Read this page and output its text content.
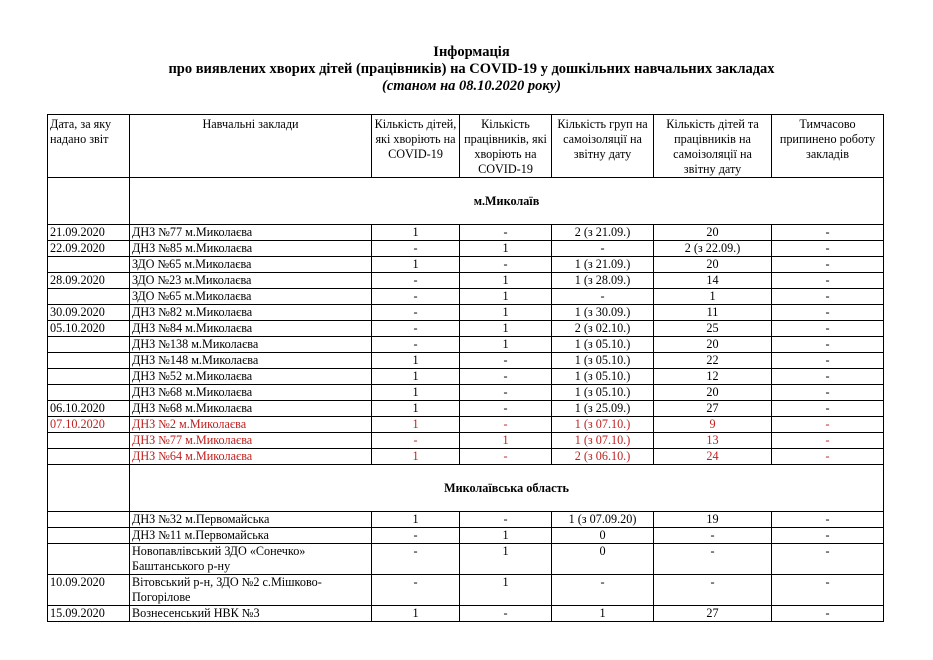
Інформація
про виявлених хворих дітей (працівників) на COVID-19 у дошкільних навчальних закладах
(станом на 08.10.2020 року)
Дата, за яку надано звіт	Навчальні заклади	Кількість дітей, які хворіють на COVID-19	Кількість працівників, які хворіють на COVID-19	Кількість груп на самоізоляції на звітну дату	Кількість дітей та працівників на самоізоляції на звітну дату	Тимчасово припинено роботу закладів
	м.Миколаїв					
21.09.2020	ДНЗ №77 м.Миколаєва	1	-	2 (з 21.09.)	20	-
22.09.2020	ДНЗ №85 м.Миколаєва	-	1	-	2 (з 22.09.)	-
	ЗДО №65 м.Миколаєва	1	-	1 (з 21.09.)	20	-
28.09.2020	ЗДО №23 м.Миколаєва	-	1	1 (з 28.09.)	14	-
	ЗДО №65 м.Миколаєва	-	1	-	1	-
30.09.2020	ДНЗ №82 м.Миколаєва	-	1	1 (з 30.09.)	11	-
05.10.2020	ДНЗ №84 м.Миколаєва	-	1	2 (з 02.10.)	25	-
	ДНЗ №138 м.Миколаєва	-	1	1 (з 05.10.)	20	-
	ДНЗ №148 м.Миколаєва	1	-	1 (з 05.10.)	22	-
	ДНЗ №52 м.Миколаєва	1	-	1 (з 05.10.)	12	-
	ДНЗ №68 м.Миколаєва	1	-	1 (з 05.10.)	20	-
06.10.2020	ДНЗ №68 м.Миколаєва	1	-	1 (з 25.09.)	27	-
07.10.2020	ДНЗ №2 м.Миколаєва	1	-	1 (з 07.10.)	9	-
	ДНЗ №77 м.Миколаєва	-	1	1 (з 07.10.)	13	-
	ДНЗ №64 м.Миколаєва	1	-	2 (з 06.10.)	24	-
	Миколаївська область					
	ДНЗ №32 м.Первомайська	1	-	1 (з 07.09.20)	19	-
	ДНЗ №11 м.Первомайська	-	1	0	-	-
	Новопавлівський ЗДО «Сонечко» Баштанського р-ну	-	1	0	-	-
10.09.2020	Вітовський р-н, ЗДО №2 с.Мішково-Погорілове	-	1	-	-	-
15.09.2020	Вознесенський НВК №3	1	-	1	27	-
